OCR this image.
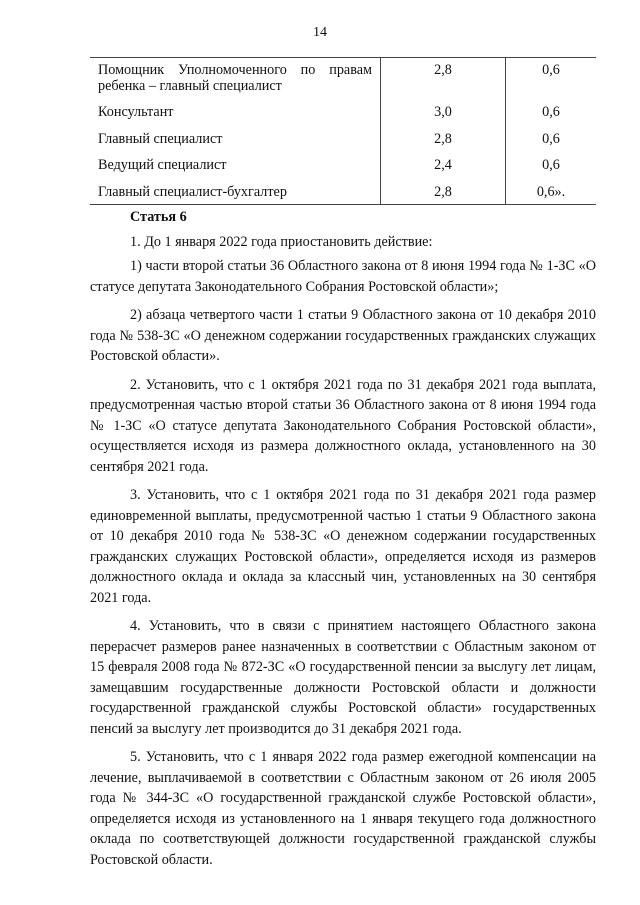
14
Помощник Уполномоченного по правам ребенка – главный специалист	2,8	0,6
Консультант	3,0	0,6
Главный специалист	2,8	0,6
Ведущий специалист	2,4	0,6
Главный специалист-бухгалтер	2,8	0,6».
Статья 6

1. До 1 января 2022 года приостановить действие:

1) части второй статьи 36 Областного закона от 8 июня 1994 года № 1-ЗС «О статусе депутата Законодательного Собрания Ростовской области»;

2) абзаца четвертого части 1 статьи 9 Областного закона от 10 декабря 2010 года № 538-ЗС «О денежном содержании государственных гражданских служащих Ростовской области».

2. Установить, что с 1 октября 2021 года по 31 декабря 2021 года выплата, предусмотренная частью второй статьи 36 Областного закона от 8 июня 1994 года № 1-ЗС «О статусе депутата Законодательного Собрания Ростовской области», осуществляется исходя из размера должностного оклада, установленного на 30 сентября 2021 года.

3. Установить, что с 1 октября 2021 года по 31 декабря 2021 года размер единовременной выплаты, предусмотренной частью 1 статьи 9 Областного закона от 10 декабря 2010 года № 538-ЗС «О денежном содержании государственных гражданских служащих Ростовской области», определяется исходя из размеров должностного оклада и оклада за классный чин, установленных на 30 сентября 2021 года.

4. Установить, что в связи с принятием настоящего Областного закона перерасчет размеров ранее назначенных в соответствии с Областным законом от 15 февраля 2008 года № 872-ЗС «О государственной пенсии за выслугу лет лицам, замещавшим государственные должности Ростовской области и должности государственной гражданской службы Ростовской области» государственных пенсий за выслугу лет производится до 31 декабря 2021 года.

5. Установить, что с 1 января 2022 года размер ежегодной компенсации на лечение, выплачиваемой в соответствии с Областным законом от 26 июля 2005 года № 344-ЗС «О государственной гражданской службе Ростовской области», определяется исходя из установленного на 1 января текущего года должностного оклада по соответствующей должности государственной гражданской службы Ростовской области.
